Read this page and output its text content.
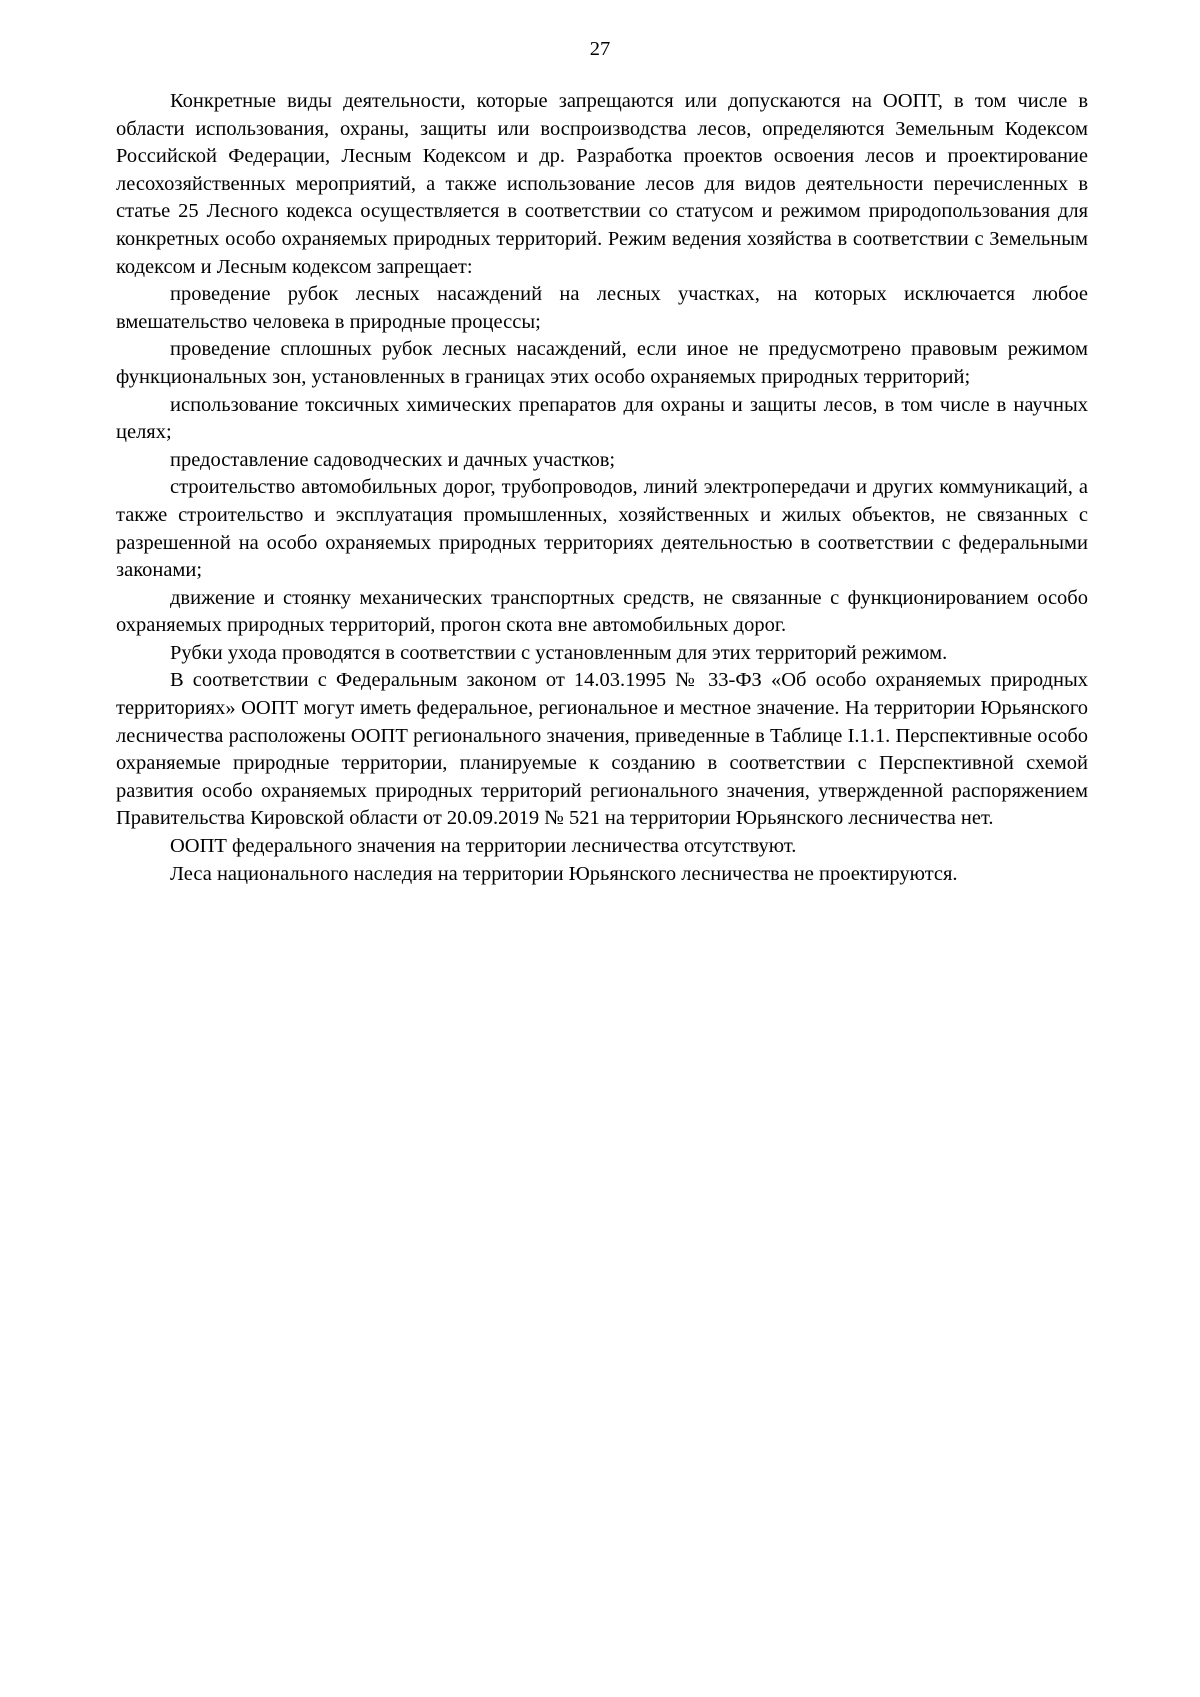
27

Конкретные виды деятельности, которые запрещаются или допускаются на ООПТ, в том числе в области использования, охраны, защиты или воспроизводства лесов, определяются Земельным Кодексом Российской Федерации, Лесным Кодексом и др. Разработка проектов освоения лесов и проектирование лесохозяйственных мероприятий, а также использование лесов для видов деятельности перечисленных в статье 25 Лесного кодекса осуществляется в соответствии со статусом и режимом природопользования для конкретных особо охраняемых природных территорий. Режим ведения хозяйства в соответствии с Земельным кодексом и Лесным кодексом запрещает:

проведение рубок лесных насаждений на лесных участках, на которых исключается любое вмешательство человека в природные процессы;

проведение сплошных рубок лесных насаждений, если иное не предусмотрено правовым режимом функциональных зон, установленных в границах этих особо охраняемых природных территорий;

использование токсичных химических препаратов для охраны и защиты лесов, в том числе в научных целях;

предоставление садоводческих и дачных участков;

строительство автомобильных дорог, трубопроводов, линий электропередачи и других коммуникаций, а также строительство и эксплуатация промышленных, хозяйственных и жилых объектов, не связанных с разрешенной на особо охраняемых природных территориях деятельностью в соответствии с федеральными законами;

движение и стоянку механических транспортных средств, не связанные с функционированием особо охраняемых природных территорий, прогон скота вне автомобильных дорог.

Рубки ухода проводятся в соответствии с установленным для этих территорий режимом.

В соответствии с Федеральным законом от 14.03.1995 № 33-ФЗ «Об особо охраняемых природных территориях» ООПТ могут иметь федеральное, региональное и местное значение. На территории Юрьянского лесничества расположены ООПТ регионального значения, приведенные в Таблице I.1.1. Перспективные особо охраняемые природные территории, планируемые к созданию в соответствии с Перспективной схемой развития особо охраняемых природных территорий регионального значения, утвержденной распоряжением Правительства Кировской области от 20.09.2019 № 521 на территории Юрьянского лесничества нет.

ООПТ федерального значения на территории лесничества отсутствуют.

Леса национального наследия на территории Юрьянского лесничества не проектируются.
